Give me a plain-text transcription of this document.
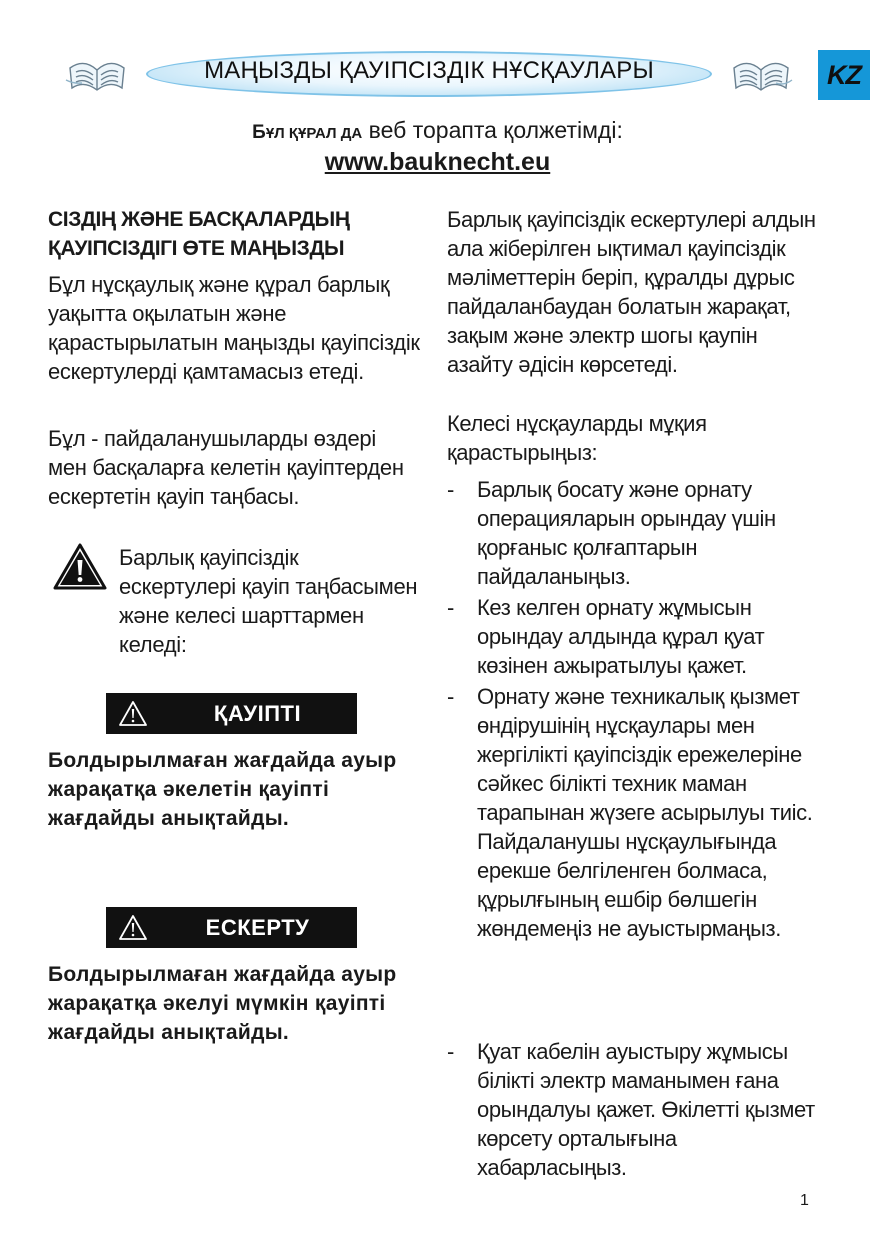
МАҢЫЗДЫ ҚАУІПСІЗДІК НҰСҚАУЛАРЫ	KZ
БҰЛ ҚҰРАЛ ДА веб торапта қолжетімді:
www.bauknecht.eu
СІЗДІҢ ЖӘНЕ БАСҚАЛАРДЫҢ
ҚАУІПСІЗДІГІ ӨТЕ МАҢЫЗДЫ
Бұл нұсқаулық және құрал барлық уақытта оқылатын және қарастырылатын маңызды қауіпсіздік ескертулерді қамтамасыз етеді.
Бұл - пайдаланушыларды өздері мен басқаларға келетін қауіптерден ескертетін қауіп таңбасы.
Барлық қауіпсіздік ескертулері қауіп таңбасымен және келесі шарттармен келеді:
ҚАУІПТІ
Болдырылмаған жағдайда ауыр жарақатқа әкелетін қауіпті жағдайды анықтайды.
ЕСКЕРТУ
Болдырылмаған жағдайда ауыр жарақатқа әкелуі мүмкін қауіпті жағдайды анықтайды.
Барлық қауіпсіздік ескертулері алдын ала жіберілген ықтимал қауіпсіздік мәліметтерін беріп, құралды дұрыс пайдаланбаудан болатын жарақат, зақым және электр шогы қаупін азайту әдісін көрсетеді.
Келесі нұсқауларды мұқия қарастырыңыз:
- Барлық босату және орнату операцияларын орындау үшін қорғаныс қолғаптарын пайдаланыңыз.
- Кез келген орнату жұмысын орындау алдында құрал қуат көзінен ажыратылуы қажет.
- Орнату және техникалық қызмет өндірушінің нұсқаулары мен жергілікті қауіпсіздік ережелеріне сәйкес білікті техник маман тарапынан жүзеге асырылуы тиіс. Пайдаланушы нұсқаулығында ерекше белгіленген болмаса, құрылғының ешбір бөлшегін жөндемеңіз не ауыстырмаңыз.
- Қуат кабелін ауыстыру жұмысы білікті электр маманымен ғана орындалуы қажет. Өкілетті қызмет көрсету орталығына хабарласыңыз.
1
